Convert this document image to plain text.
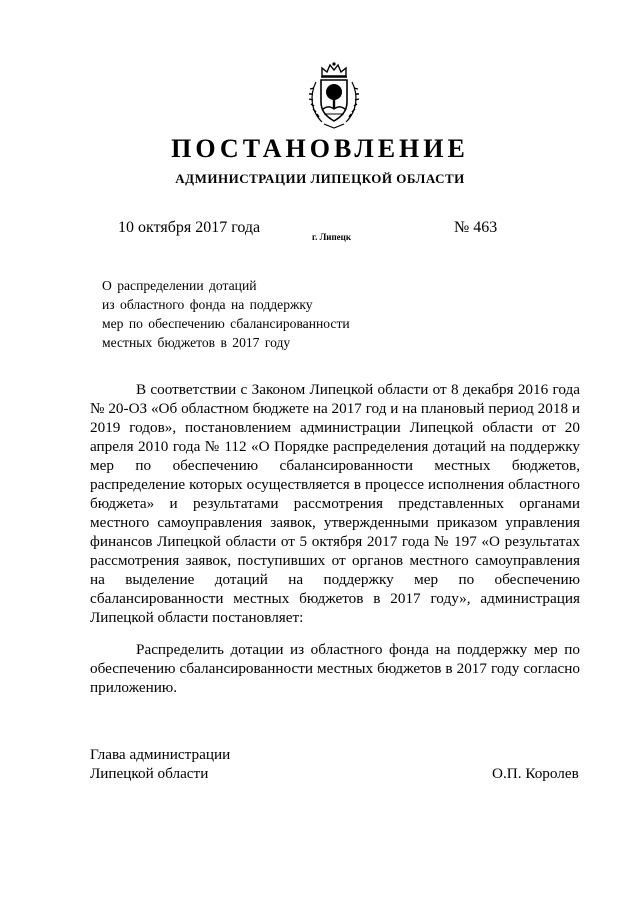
ПОСТАНОВЛЕНИЕ
АДМИНИСТРАЦИИ ЛИПЕЦКОЙ ОБЛАСТИ
10 октября 2017 года
г. Липецк
№ 463
О распределении дотаций
из областного фонда на поддержку
мер по обеспечению сбалансированности
местных бюджетов в 2017 году

В соответствии с Законом Липецкой области от 8 декабря 2016 года № 20-ОЗ «Об областном бюджете на 2017 год и на плановый период 2018 и 2019 годов», постановлением администрации Липецкой области от 20 апреля 2010 года № 112 «О Порядке распределения дотаций на поддержку мер по обеспечению сбалансированности местных бюджетов, распределение которых осуществляется в процессе исполнения областного бюджета» и результатами рассмотрения представленных органами местного самоуправления заявок, утвержденными приказом управления финансов Липецкой области от 5 октября 2017 года № 197 «О результатах рассмотрения заявок, поступивших от органов местного самоуправления на выделение дотаций на поддержку мер по обеспечению сбалансированности местных бюджетов в 2017 году», администрация Липецкой области постановляет:

Распределить дотации из областного фонда на поддержку мер по обеспечению сбалансированности местных бюджетов в 2017 году согласно приложению.

Глава администрации
Липецкой области	О.П. Королев
